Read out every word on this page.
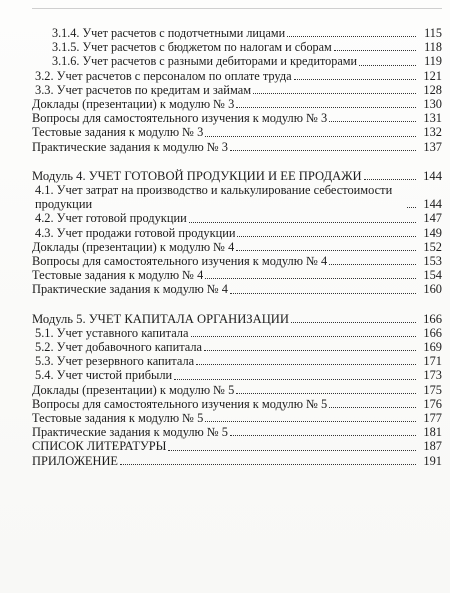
3.1.4. Учет расчетов с подотчетными лицами	115
3.1.5. Учет расчетов с бюджетом по налогам и сборам	118
3.1.6. Учет расчетов с разными дебиторами и кредиторами	119
3.2. Учет расчетов с персоналом по оплате труда	121
3.3. Учет расчетов по кредитам и займам	128
Доклады (презентации) к модулю № 3	130
Вопросы для самостоятельного изучения к модулю № 3	131
Тестовые задания к модулю № 3	132
Практические задания к модулю № 3	137
Модуль 4. УЧЕТ ГОТОВОЙ ПРОДУКЦИИ И ЕЕ ПРОДАЖИ	144
4.1. Учет затрат на производство и калькулирование себестоимости продукции	144
4.2. Учет готовой продукции	147
4.3. Учет продажи готовой продукции	149
Доклады (презентации) к модулю № 4	152
Вопросы для самостоятельного изучения к модулю № 4	153
Тестовые задания к модулю № 4	154
Практические задания к модулю № 4	160
Модуль 5. УЧЕТ КАПИТАЛА ОРГАНИЗАЦИИ	166
5.1. Учет уставного капитала	166
5.2. Учет добавочного капитала	169
5.3. Учет резервного капитала	171
5.4. Учет чистой прибыли	173
Доклады (презентации) к модулю № 5	175
Вопросы для самостоятельного изучения к модулю № 5	176
Тестовые задания к модулю № 5	177
Практические задания к модулю № 5	181
СПИСОК ЛИТЕРАТУРЫ	187
ПРИЛОЖЕНИЕ	191
